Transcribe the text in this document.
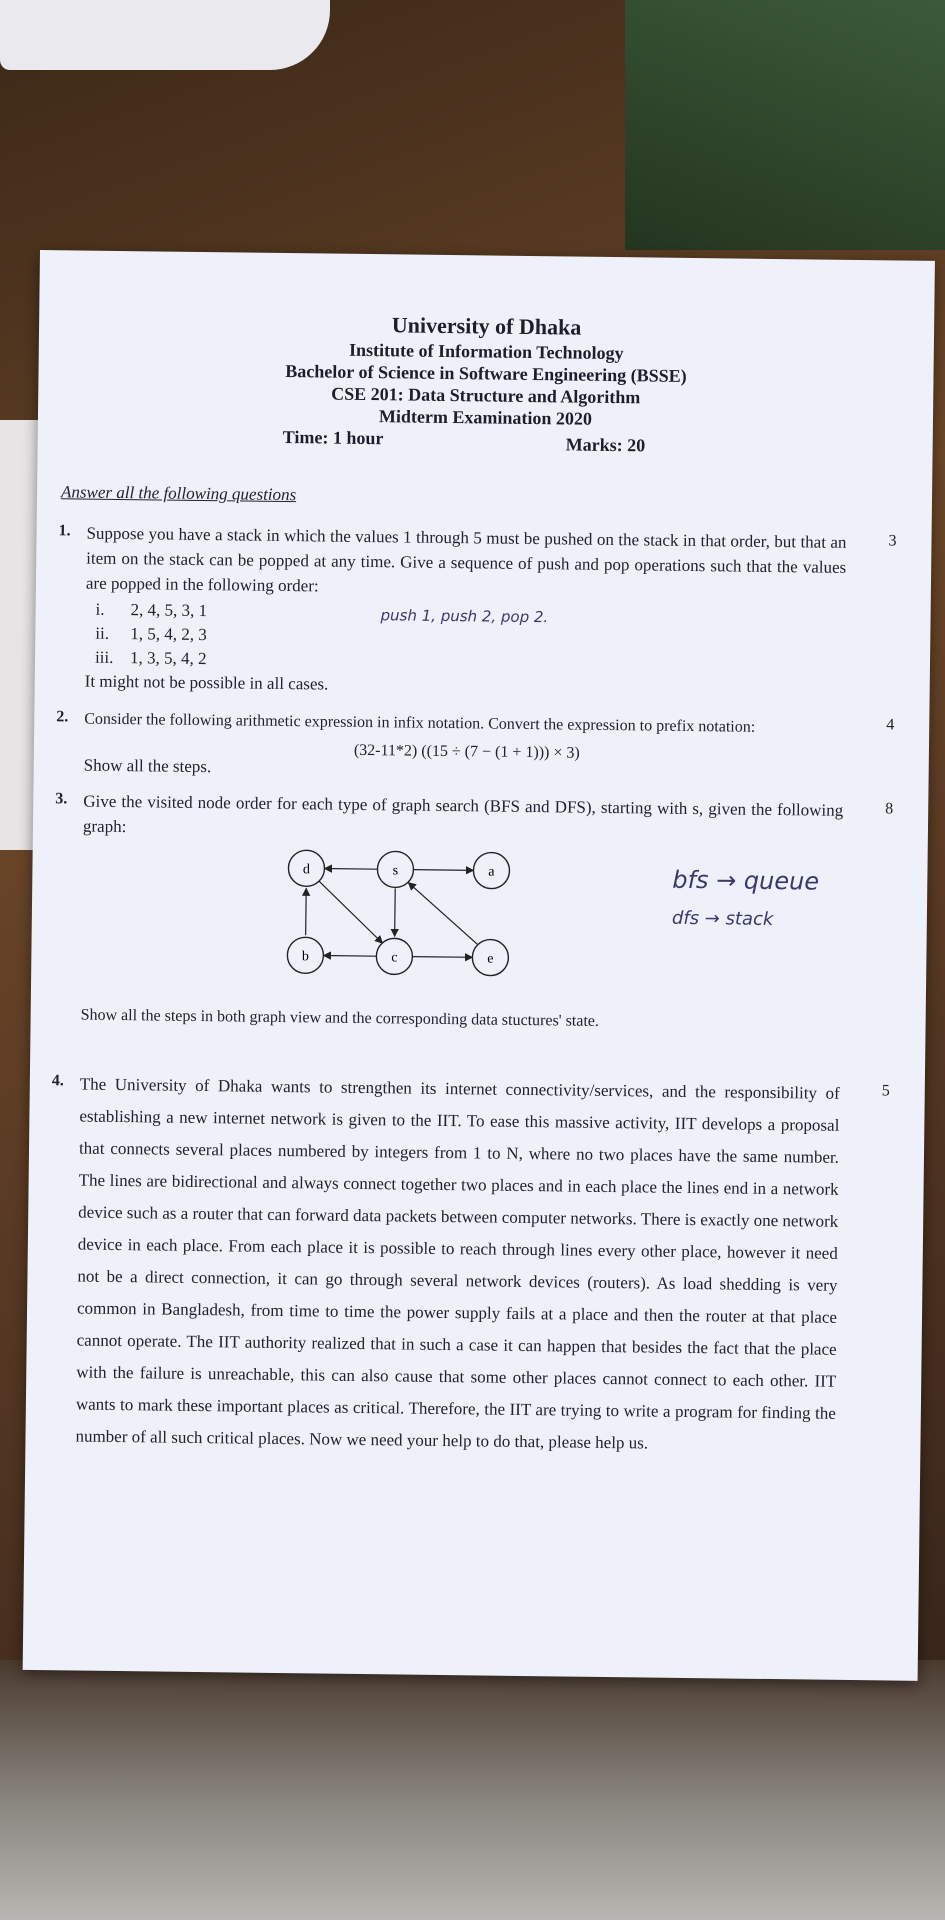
University of Dhaka
Institute of Information Technology
Bachelor of Science in Software Engineering (BSSE)
CSE 201: Data Structure and Algorithm
Midterm Examination 2020
Time: 1 hour	Marks: 20
Answer all the following questions
1. Suppose you have a stack in which the values 1 through 5 must be pushed on the stack in that order, but that an item on the stack can be popped at any time. Give a sequence of push and pop operations such that the values are popped in the following order:
3
i. 2, 4, 5, 3, 1
ii. 1, 5, 4, 2, 3
iii. 1, 3, 5, 4, 2
It might not be possible in all cases.
push 1, push 2, pop 2.
2. Consider the following arithmetic expression in infix notation. Convert the expression to prefix notation:	4
(32-11*2) ((15 ÷ (7 − (1 + 1))) × 3)
Show all the steps.
3. Give the visited node order for each type of graph search (BFS and DFS), starting with s, given the following graph:
8
d	s	a
b	c	e
bfs → queue
dfs → stack
Show all the steps in both graph view and the corresponding data stuctures' state.
4. The University of Dhaka wants to strengthen its internet connectivity/services, and the responsibility of establishing a new internet network is given to the IIT. To ease this massive activity, IIT develops a proposal that connects several places numbered by integers from 1 to N, where no two places have the same number. The lines are bidirectional and always connect together two places and in each place the lines end in a network device such as a router that can forward data packets between computer networks. There is exactly one network device in each place. From each place it is possible to reach through lines every other place, however it need not be a direct connection, it can go through several network devices (routers). As load shedding is very common in Bangladesh, from time to time the power supply fails at a place and then the router at that place cannot operate. The IIT authority realized that in such a case it can happen that besides the fact that the place with the failure is unreachable, this can also cause that some other places cannot connect to each other. IIT wants to mark these important places as critical. Therefore, the IIT are trying to write a program for finding the number of all such critical places. Now we need your help to do that, please help us.
5
